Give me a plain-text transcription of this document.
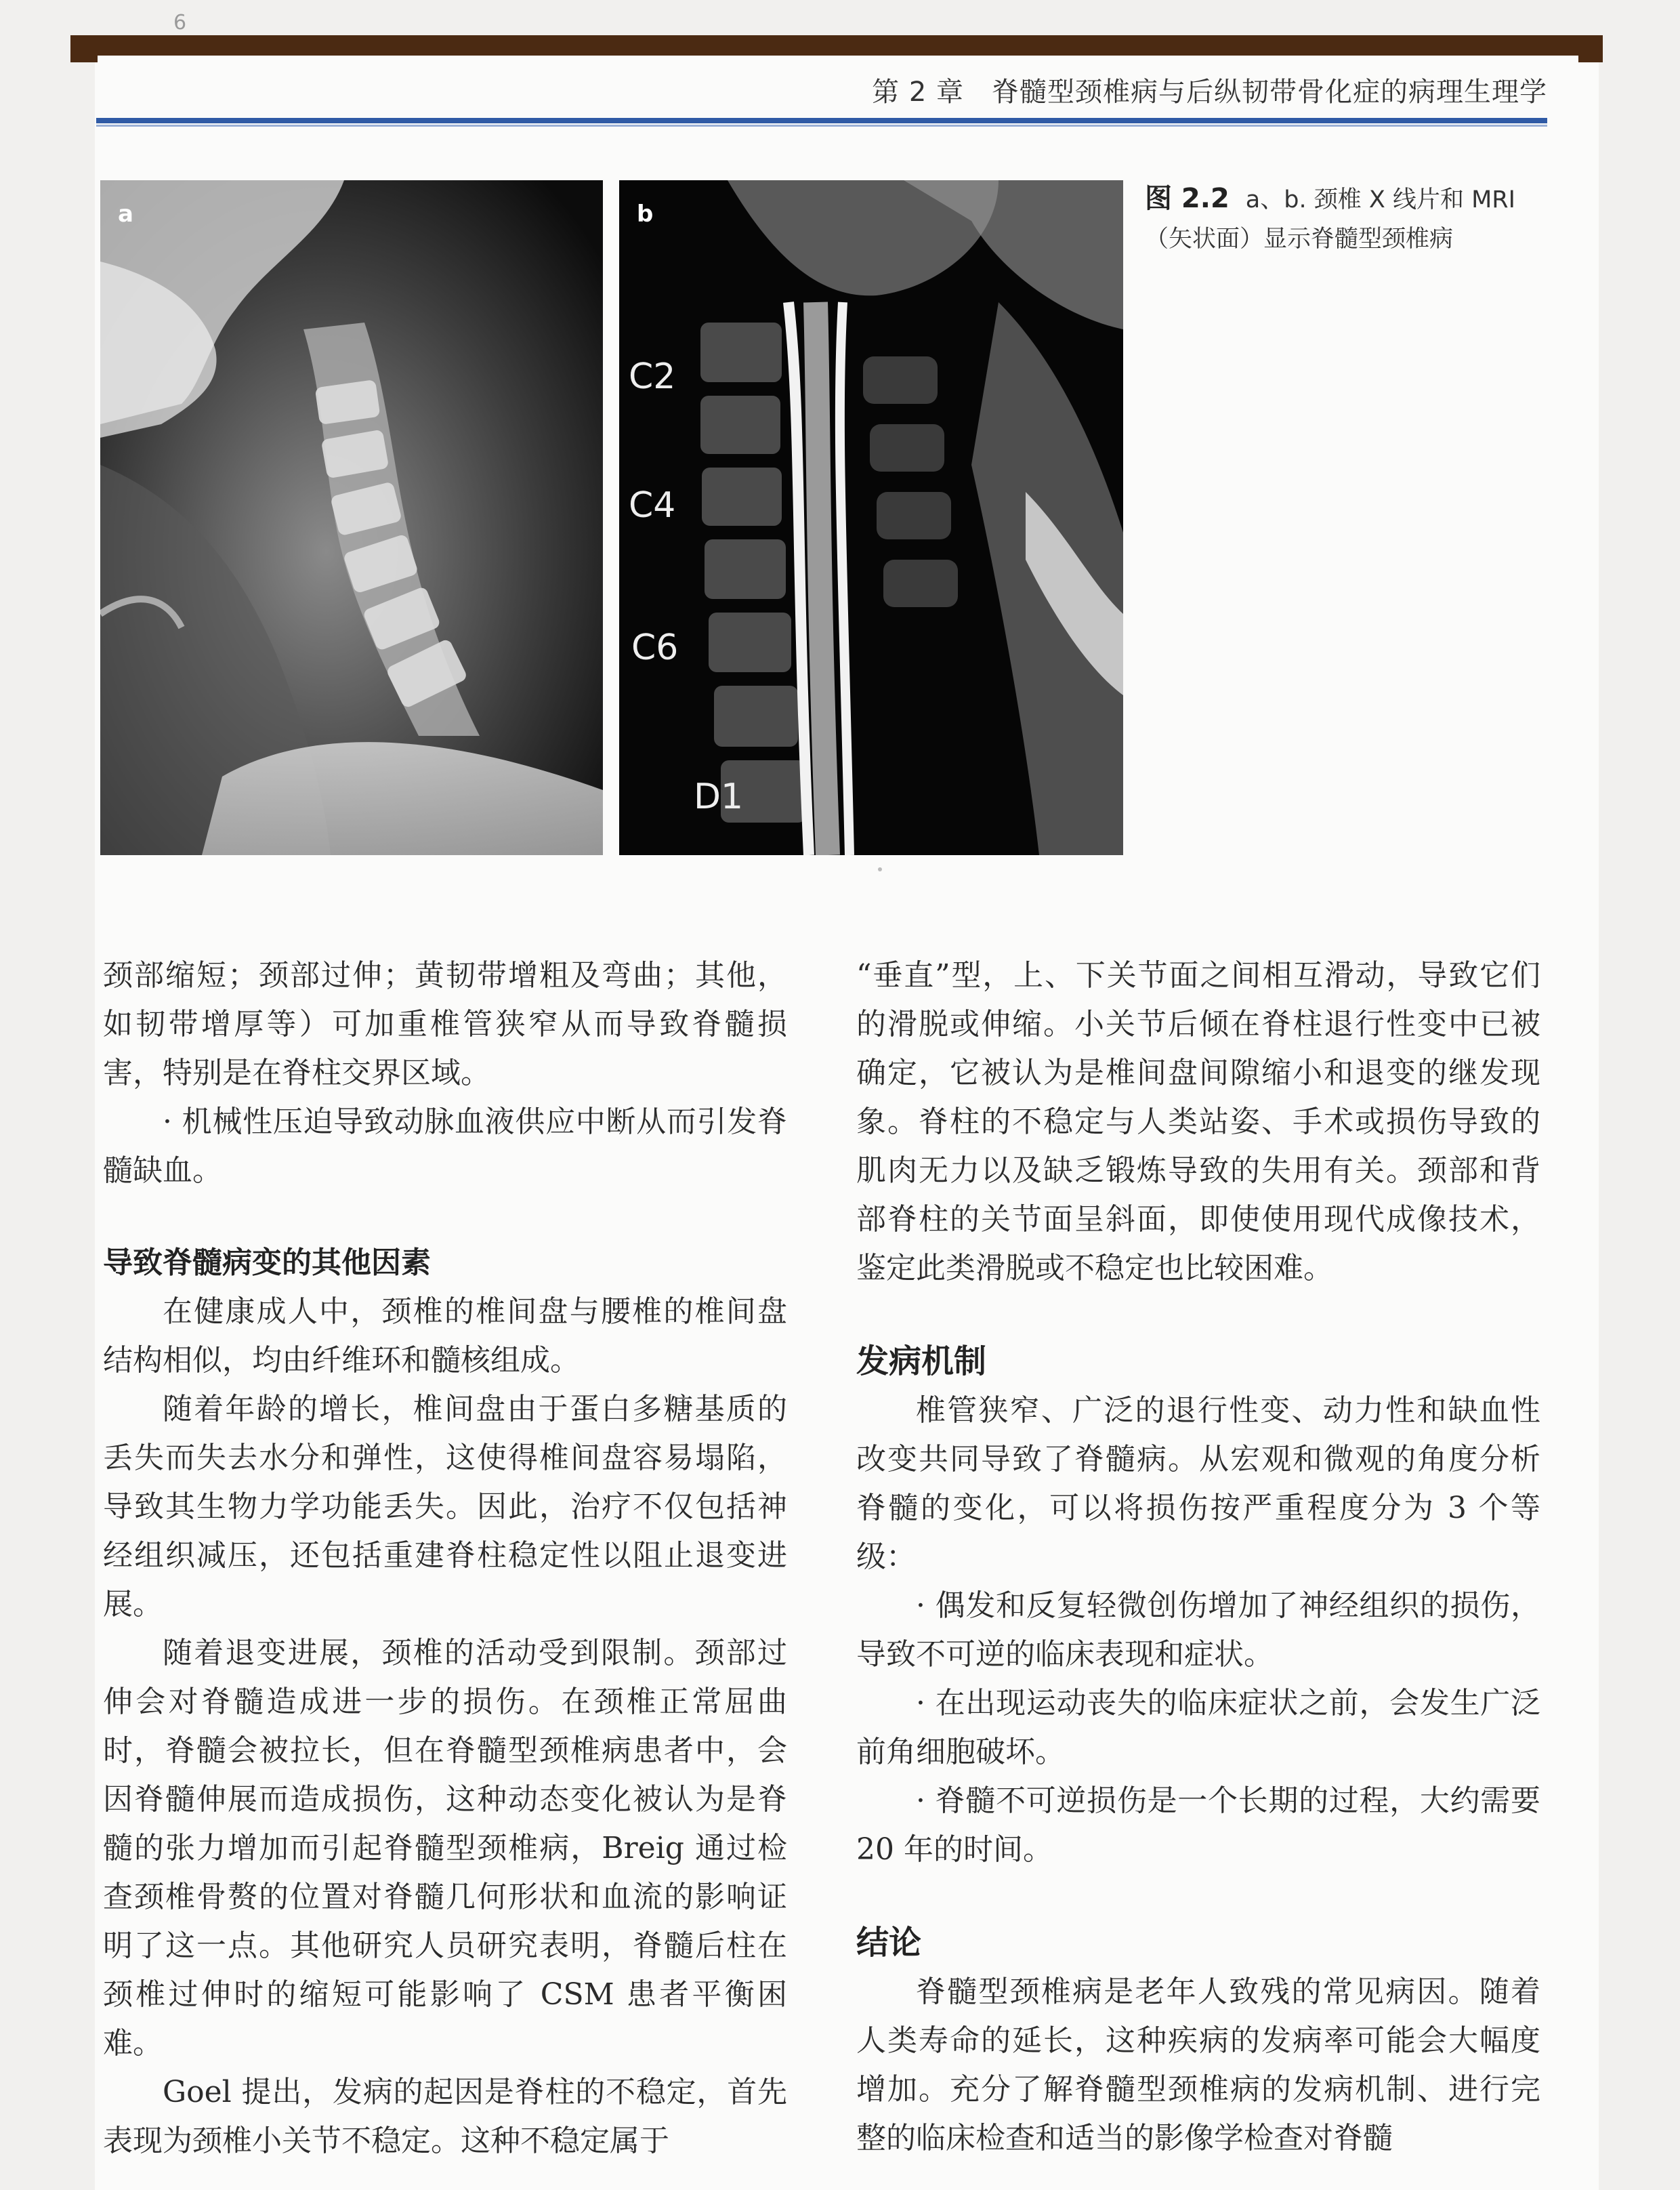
6
第 2 章　脊髓型颈椎病与后纵韧带骨化症的病理生理学
a	b
C2
C4
C6
D1
图 2.2 a、b. 颈椎 X 线片和 MRI（矢状面）显示脊髓型颈椎病

颈部缩短；颈部过伸；黄韧带增粗及弯曲；其他，如韧带增厚等）可加重椎管狭窄从而导致脊髓损害，特别是在脊柱交界区域。

· 机械性压迫导致动脉血液供应中断从而引发脊髓缺血。

导致脊髓病变的其他因素

在健康成人中，颈椎的椎间盘与腰椎的椎间盘结构相似，均由纤维环和髓核组成。

随着年龄的增长，椎间盘由于蛋白多糖基质的丢失而失去水分和弹性，这使得椎间盘容易塌陷，导致其生物力学功能丢失。因此，治疗不仅包括神经组织减压，还包括重建脊柱稳定性以阻止退变进展。

随着退变进展，颈椎的活动受到限制。颈部过伸会对脊髓造成进一步的损伤。在颈椎正常屈曲时，脊髓会被拉长，但在脊髓型颈椎病患者中，会因脊髓伸展而造成损伤，这种动态变化被认为是脊髓的张力增加而引起脊髓型颈椎病，Breig 通过检查颈椎骨赘的位置对脊髓几何形状和血流的影响证明了这一点。其他研究人员研究表明，脊髓后柱在颈椎过伸时的缩短可能影响了 CSM 患者平衡困难。

Goel 提出，发病的起因是脊柱的不稳定，首先表现为颈椎小关节不稳定。这种不稳定属于

“垂直”型，上、下关节面之间相互滑动，导致它们的滑脱或伸缩。小关节后倾在脊柱退行性变中已被确定，它被认为是椎间盘间隙缩小和退变的继发现象。脊柱的不稳定与人类站姿、手术或损伤导致的肌肉无力以及缺乏锻炼导致的失用有关。颈部和背部脊柱的关节面呈斜面，即使使用现代成像技术，鉴定此类滑脱或不稳定也比较困难。

发病机制

椎管狭窄、广泛的退行性变、动力性和缺血性改变共同导致了脊髓病。从宏观和微观的角度分析脊髓的变化，可以将损伤按严重程度分为 3 个等级：

· 偶发和反复轻微创伤增加了神经组织的损伤，导致不可逆的临床表现和症状。

· 在出现运动丧失的临床症状之前，会发生广泛前角细胞破坏。

· 脊髓不可逆损伤是一个长期的过程，大约需要 20 年的时间。

结论

脊髓型颈椎病是老年人致残的常见病因。随着人类寿命的延长，这种疾病的发病率可能会大幅度增加。充分了解脊髓型颈椎病的发病机制、进行完整的临床检查和适当的影像学检查对脊髓
